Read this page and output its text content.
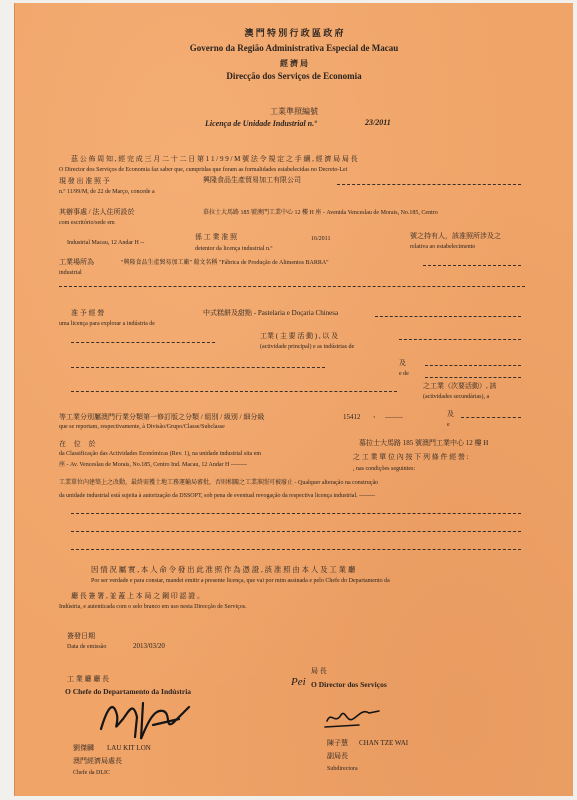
澳 門 特 別 行 政 區 政 府
Governo da Região Administrativa Especial de Macau
經 濟 局
Direcção dos Serviços de Economia
工業準照編號
Licença de Unidade Industrial n.º	23/2011
茲 公 佈 周 知 , 經 完 成 三 月 二 十 二 日 第 1 1 / 9 9 / M 號 法 令 規 定 之 手 續 , 經 濟 局 局 長
O Director dos Serviços de Economia faz saber que, cumpridas que foram as formalidades estabelecidas no Decreto-Lei
現 發 出 准 照 予	興隆食品生產貿易加工有限公司
n.º 11/99/M, de 22 de Março, concede a
其辦事處 / 法人住所設於	慕拉士大馬路 185 號澳門工業中心 12 樓 H 座 - Avenida Venceslau de Morais, No.185, Centro
com escritório/sede em
Industrial Macau, 12 Andar H --
係 工 業 准 照	16/2011	號之持有人，該准照所涉及之
detentor da licença industrial n.º	relativa ao estabelecimento
工業場所為	"興隆食品生產貿易加工廠" 葡文名稱 "Fábrica de Produção de Alimentos BARRA"
industrial
准 予 經 營	中式糕餅及甜點 - Pastelaria e Doçaria Chinesa
uma licença para explorar a indústria de
工業 ( 主 要 活 動 ) , 以 及
(actividade principal) e as indústrias de
及
e de
之工業（次要活動）, 該
(actividades secundárias), a
等工業分別屬澳門行業分類第一修訂版之分類 / 組別 / 級別 / 細分級	15412 、 ---------	及
que se reportam, respectivamente, à Divisão/Grupo/Classe/Subclasse	e
在 位 於	慕拉士大馬路 185 號澳門工業中心 12 樓 H
da Classificação das Actividades Económicas (Rev. 1), na unidade industrial sita em
座 - Av. Venceslau de Morais, No.185, Centro Ind. Macau, 12 Andar H --------
之 工 業 單 位 內 按 下 列 條 件 經 營 :
, nas condições seguintes:
工業單位內建築上之改動，最終需獲土地工務運輸局審批，否則相關之工業准照可被廢止 - Qualquer alteração na construção
da unidade industrial está sujeita à autorização da DSSOPT, sob pena de eventual revogação da respectiva licença industrial. --------
因 情 況 屬 實 , 本 人 命 令 發 出 此 准 照 作 為 憑 證 , 該 准 照 由 本 人 及 工 業 廳
Por ser verdade e para constar, mandei emitir a presente licença, que vai por mim assinada e pelo Chefe do Departamento da
廳 長 簽 署 , 並 蓋 上 本 局 之 鋼 印 認 證 。
Indústria, e autenticada com o selo branco em uso nesta Direcção de Serviços.
簽發日期
Data de emissão	2013/03/20
工 業 廳 廳 長
O Chefe do Departamento da Indústria
劉傑麟 LAU KIT LON
澳門經濟局處長
Chefe da DLIC
局 長
Pei O Director dos Serviços
陳子慧 CHAN TZE WAI
副局長
Subdirectora
